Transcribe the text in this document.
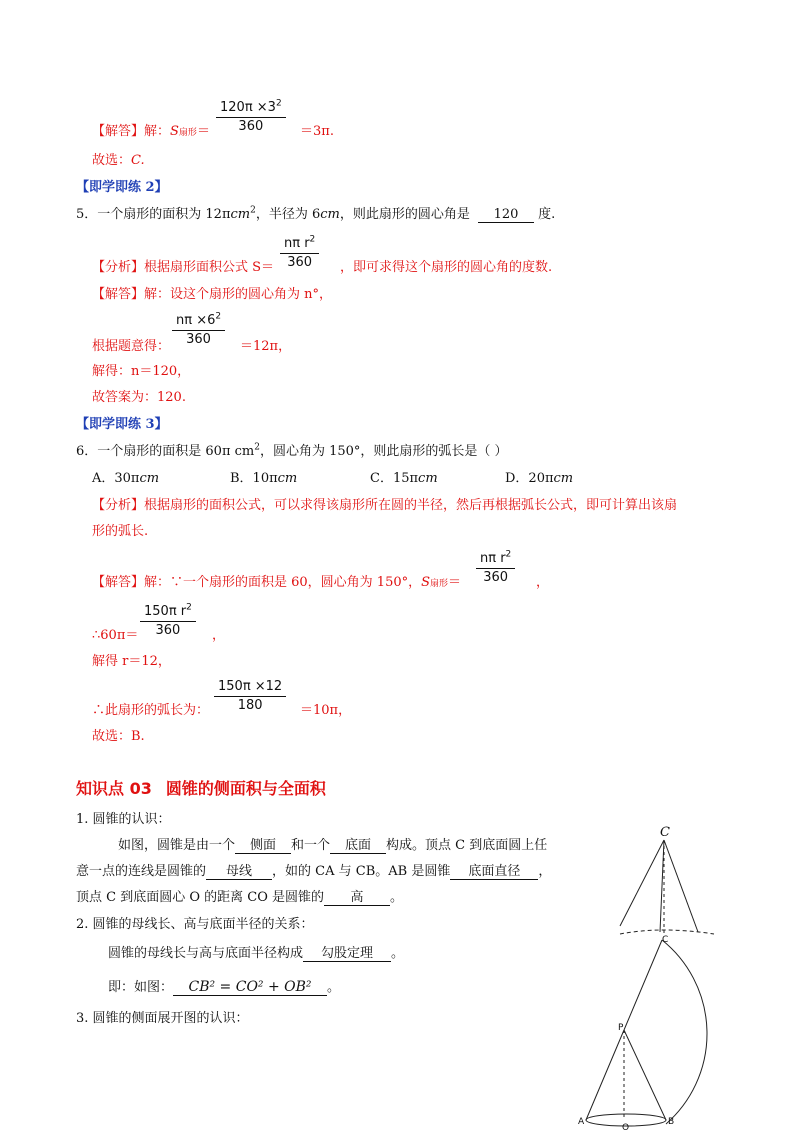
【解答】解：S扇形＝ $\frac{120\pi \times 3^2}{360} =3\pi$.
故选：C.
【即学即练 2】
5．一个扇形的面积为 12πcm$^2$，半径为 6cm，则此扇形的圆心角是 120 度.
【分析】根据扇形面积公式 $S= \frac{n\pi r^2}{360}$ ，即可求得这个扇形的圆心角的度数.
【解答】解：设这个扇形的圆心角为 n°，
根据题意得： $\frac{n\pi \times 6^2}{360} =12\pi$，
解得：n＝120，
故答案为：120.
【即学即练 3】
6．一个扇形的面积是 60π $cm^2$，圆心角为 150°，则此扇形的弧长是（ ）
A．30πcm	B．10πcm	C．15πcm	D．20πcm
【分析】根据扇形的面积公式，可以求得该扇形所在圆的半径，然后再根据弧长公式，即可计算出该扇
形的弧长.
【解答】解：∵一个扇形的面积是 60，圆心角为 150°，S扇形＝ $\frac{n\pi r^2}{360}$ ，
∴60π＝ $\frac{150\pi r^2}{360}$ ，
解得 r＝12，
∴此扇形的弧长为： $\frac{150\pi \times 12}{180} =10\pi$，
故选：B.
知识点 03 圆锥的侧面积与全面积
1. 圆锥的认识：
如图，圆锥是由一个 侧面 和一个 底面 构成。顶点 C 到底面圆上任
意一点的连线是圆锥的 母线 ，如的 CA 与 CB。AB 是圆锥 底面直径 ，
顶点 C 到底面圆心 O 的距离 CO 是圆锥的 高 。
2. 圆锥的母线长、高与底面半径的关系：
圆锥的母线长与高与底面半径构成 勾股定理 。
即：如图： CB² = CO² + OB² 。
3. 圆锥的侧面展开图的认识：
C
C
P
A
O
B
